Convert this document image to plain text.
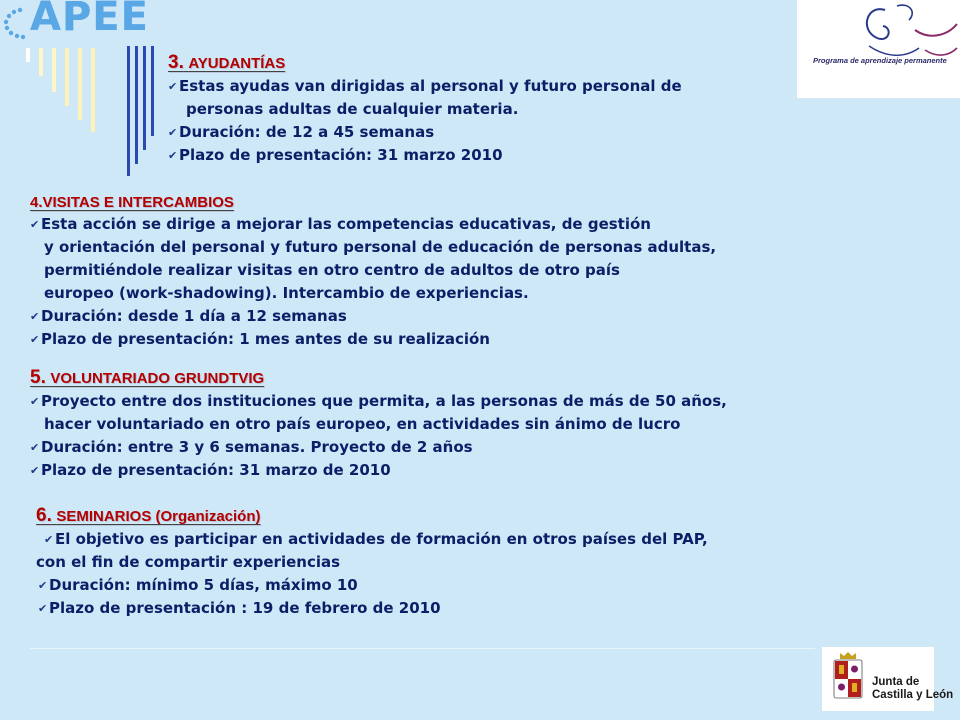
APEE
Programa de aprendizaje permanente
3. AYUDANTÍAS
✔ Estas ayudas van dirigidas al personal y futuro personal de
personas adultas de cualquier materia.
✔ Duración: de 12 a 45 semanas
✔ Plazo de presentación: 31 marzo 2010
4.VISITAS E INTERCAMBIOS
✔ Esta acción se dirige a mejorar las competencias educativas, de gestión
y orientación del personal y futuro personal de educación de personas adultas,
permitiéndole realizar visitas en otro centro de adultos de otro país
europeo (work-shadowing). Intercambio de experiencias.
✔ Duración: desde 1 día a 12 semanas
✔ Plazo de presentación: 1 mes antes de su realización
5. VOLUNTARIADO GRUNDTVIG
✔ Proyecto entre dos instituciones que permita, a las personas de más de 50 años,
hacer voluntariado en otro país europeo, en actividades sin ánimo de lucro
✔ Duración: entre 3 y 6 semanas. Proyecto de 2 años
✔ Plazo de presentación: 31 marzo de 2010
6. SEMINARIOS (Organización)
✔ El objetivo es participar en actividades de formación en otros países del PAP,
con el fin de compartir experiencias
✔ Duración: mínimo 5 días, máximo 10
✔ Plazo de presentación : 19 de febrero de 2010
Junta de
Castilla y León
